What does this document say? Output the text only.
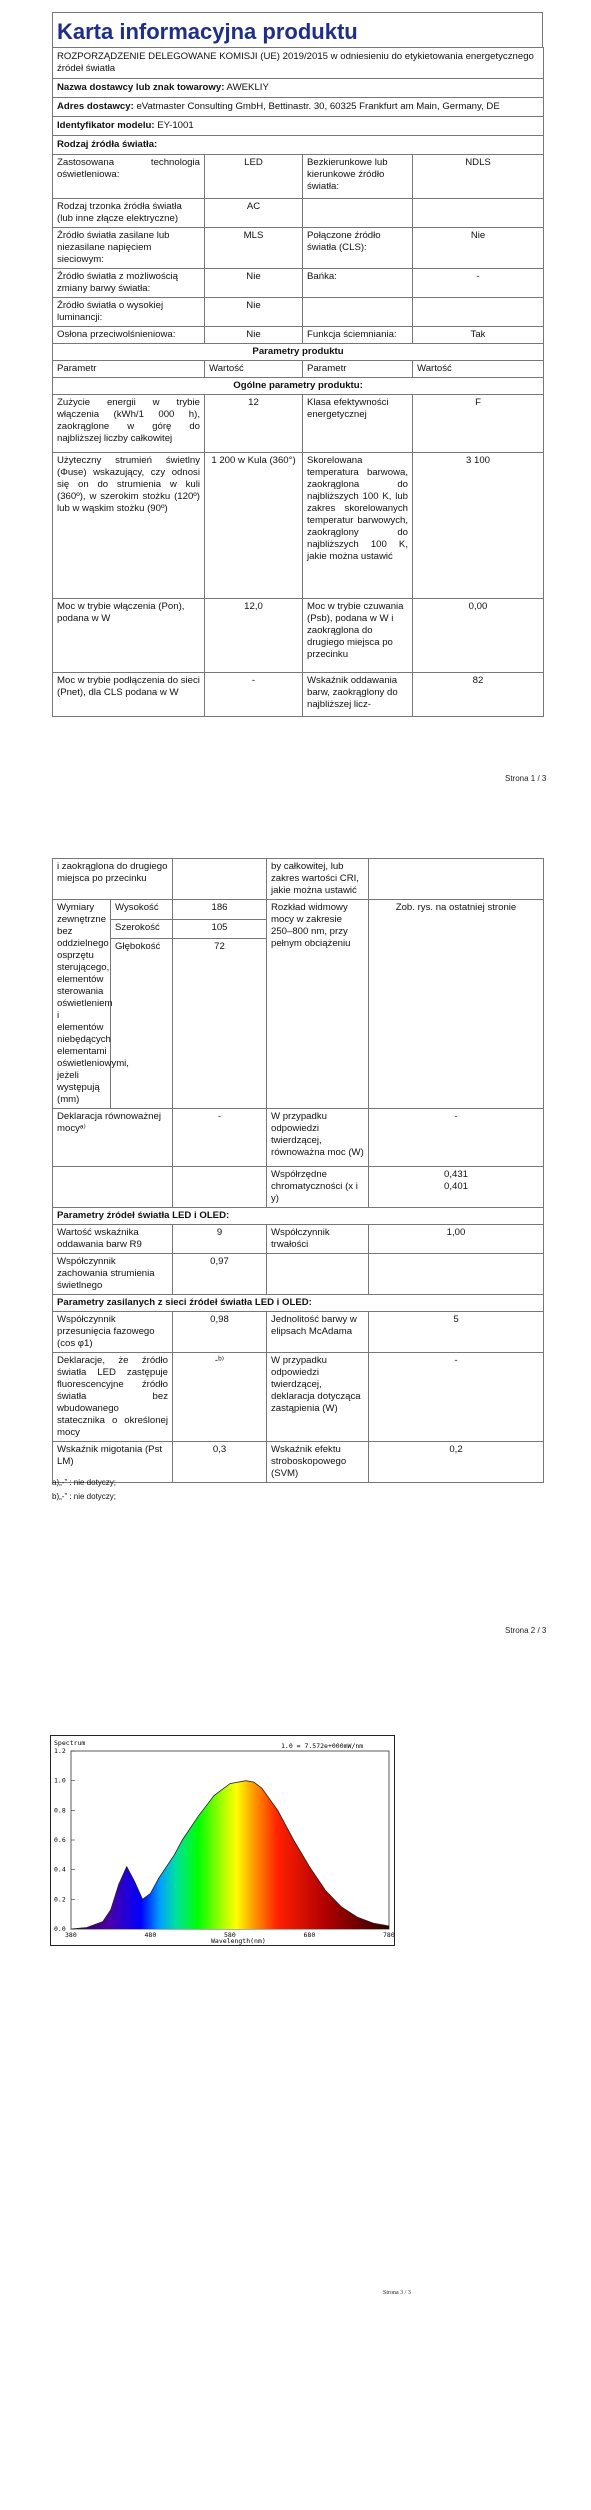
Karta informacyjna produktu
ROZPORZĄDZENIE DELEGOWANE KOMISJI (UE) 2019/2015 w odniesieniu do etykietowania energetycznego źródeł światła			
Nazwa dostawcy lub znak towarowy: AWEKLIY			
Adres dostawcy: eVatmaster Consulting GmbH, Bettinastr. 30, 60325 Frankfurt am Main, Germany, DE			
Identyfikator modelu: EY-1001			
Rodzaj źródła światła:			
Zastosowana technologia oświetleniowa:	LED	Bezkierunkowe lub kierunkowe źródło światła:	NDLS
Rodzaj trzonka źródła światła (lub inne złącze elektryczne)	AC		
Źródło światła zasilane lub niezasilane napięciem sieciowym:	MLS	Połączone źródło światła (CLS):	Nie
Źródło światła z możliwością zmiany barwy światła:	Nie	Bańka:	-
Źródło światła o wysokiej luminancji:	Nie		
Osłona przeciwolśnieniowa:	Nie	Funkcja ściemniania:	Tak
Parametry produktu			
Parametr	Wartość	Parametr	Wartość
Ogólne parametry produktu:			
Zużycie energii w trybie włączenia (kWh/1 000 h), zaokrąglone w górę do najbliższej liczby całkowitej	12	Klasa efektywności energetycznej	F
Użyteczny strumień świetlny (Φuse) wskazujący, czy odnosi się on do strumienia w kuli (360º), w szerokim stożku (120º) lub w wąskim stożku (90º)	1 200 w Kula (360°)	Skorelowana temperatura barwowa, zaokrąglona do najbliższych 100 K, lub zakres skorelowanych temperatur barwowych, zaokrąglony do najbliższych 100 K, jakie można ustawić	3 100
Moc w trybie włączenia (Pon), podana w W	12,0	Moc w trybie czuwania (Psb), podana w W i zaokrąglona do drugiego miejsca po przecinku	0,00
Moc w trybie podłączenia do sieci (Pnet), dla CLS podana w W	-	Wskaźnik oddawania barw, zaokrąglony do najbliższej licz-	82
Strona 1 / 3
i zaokrąglona do drugiego miejsca po przecinku			by całkowitej, lub zakres wartości CRI, jakie można ustawić	
Wymiary zewnętrzne bez oddzielnego osprzętu sterującego, elementów sterowania oświetleniem i elementów niebędących elementami oświetleniowymi, jeżeli występują (mm)	Wysokość	186	Rozkład widmowy mocy w zakresie 250–800 nm, przy pełnym obciążeniu	Zob. rys. na ostatniej stronie
	Szerokość	105		
	Głębokość	72		
Deklaracja równoważnej mocyᵃ⁾		-	W przypadku odpowiedzi twierdzącej, równoważna moc (W)	-
			Współrzędne chromatyczności (x i y)	0,431
0,401

Parametry źródeł światła LED i OLED:				
Wartość wskaźnika oddawania barw R9		9	Współczynnik trwałości	1,00
Współczynnik zachowania strumienia świetlnego		0,97		
Parametry zasilanych z sieci źródeł światła LED i OLED:				
Współczynnik przesunięcia fazowego (cos φ1)		0,98	Jednolitość barwy w elipsach McAdama	5
Deklaracje, że źródło światła LED zastępuje fluorescencyjne źródło światła bez wbudowanego statecznika o określonej mocy		-ᵇ⁾	W przypadku odpowiedzi twierdzącej, deklaracja dotycząca zastąpienia (W)	-
Wskaźnik migotania (Pst LM)		0,3	Wskaźnik efektu stroboskopowego (SVM)	0,2
a)„-” : nie dotyczy;
b)„-” : nie dotyczy;
Strona 2 / 3
Spectrum	1.0 = 7.572e+000mW/nm
1.2
1.0
0.8
0.6
0.4
0.2
0.0
380	480	580	680	780
Wavelength(nm)
Strona 3 / 3
